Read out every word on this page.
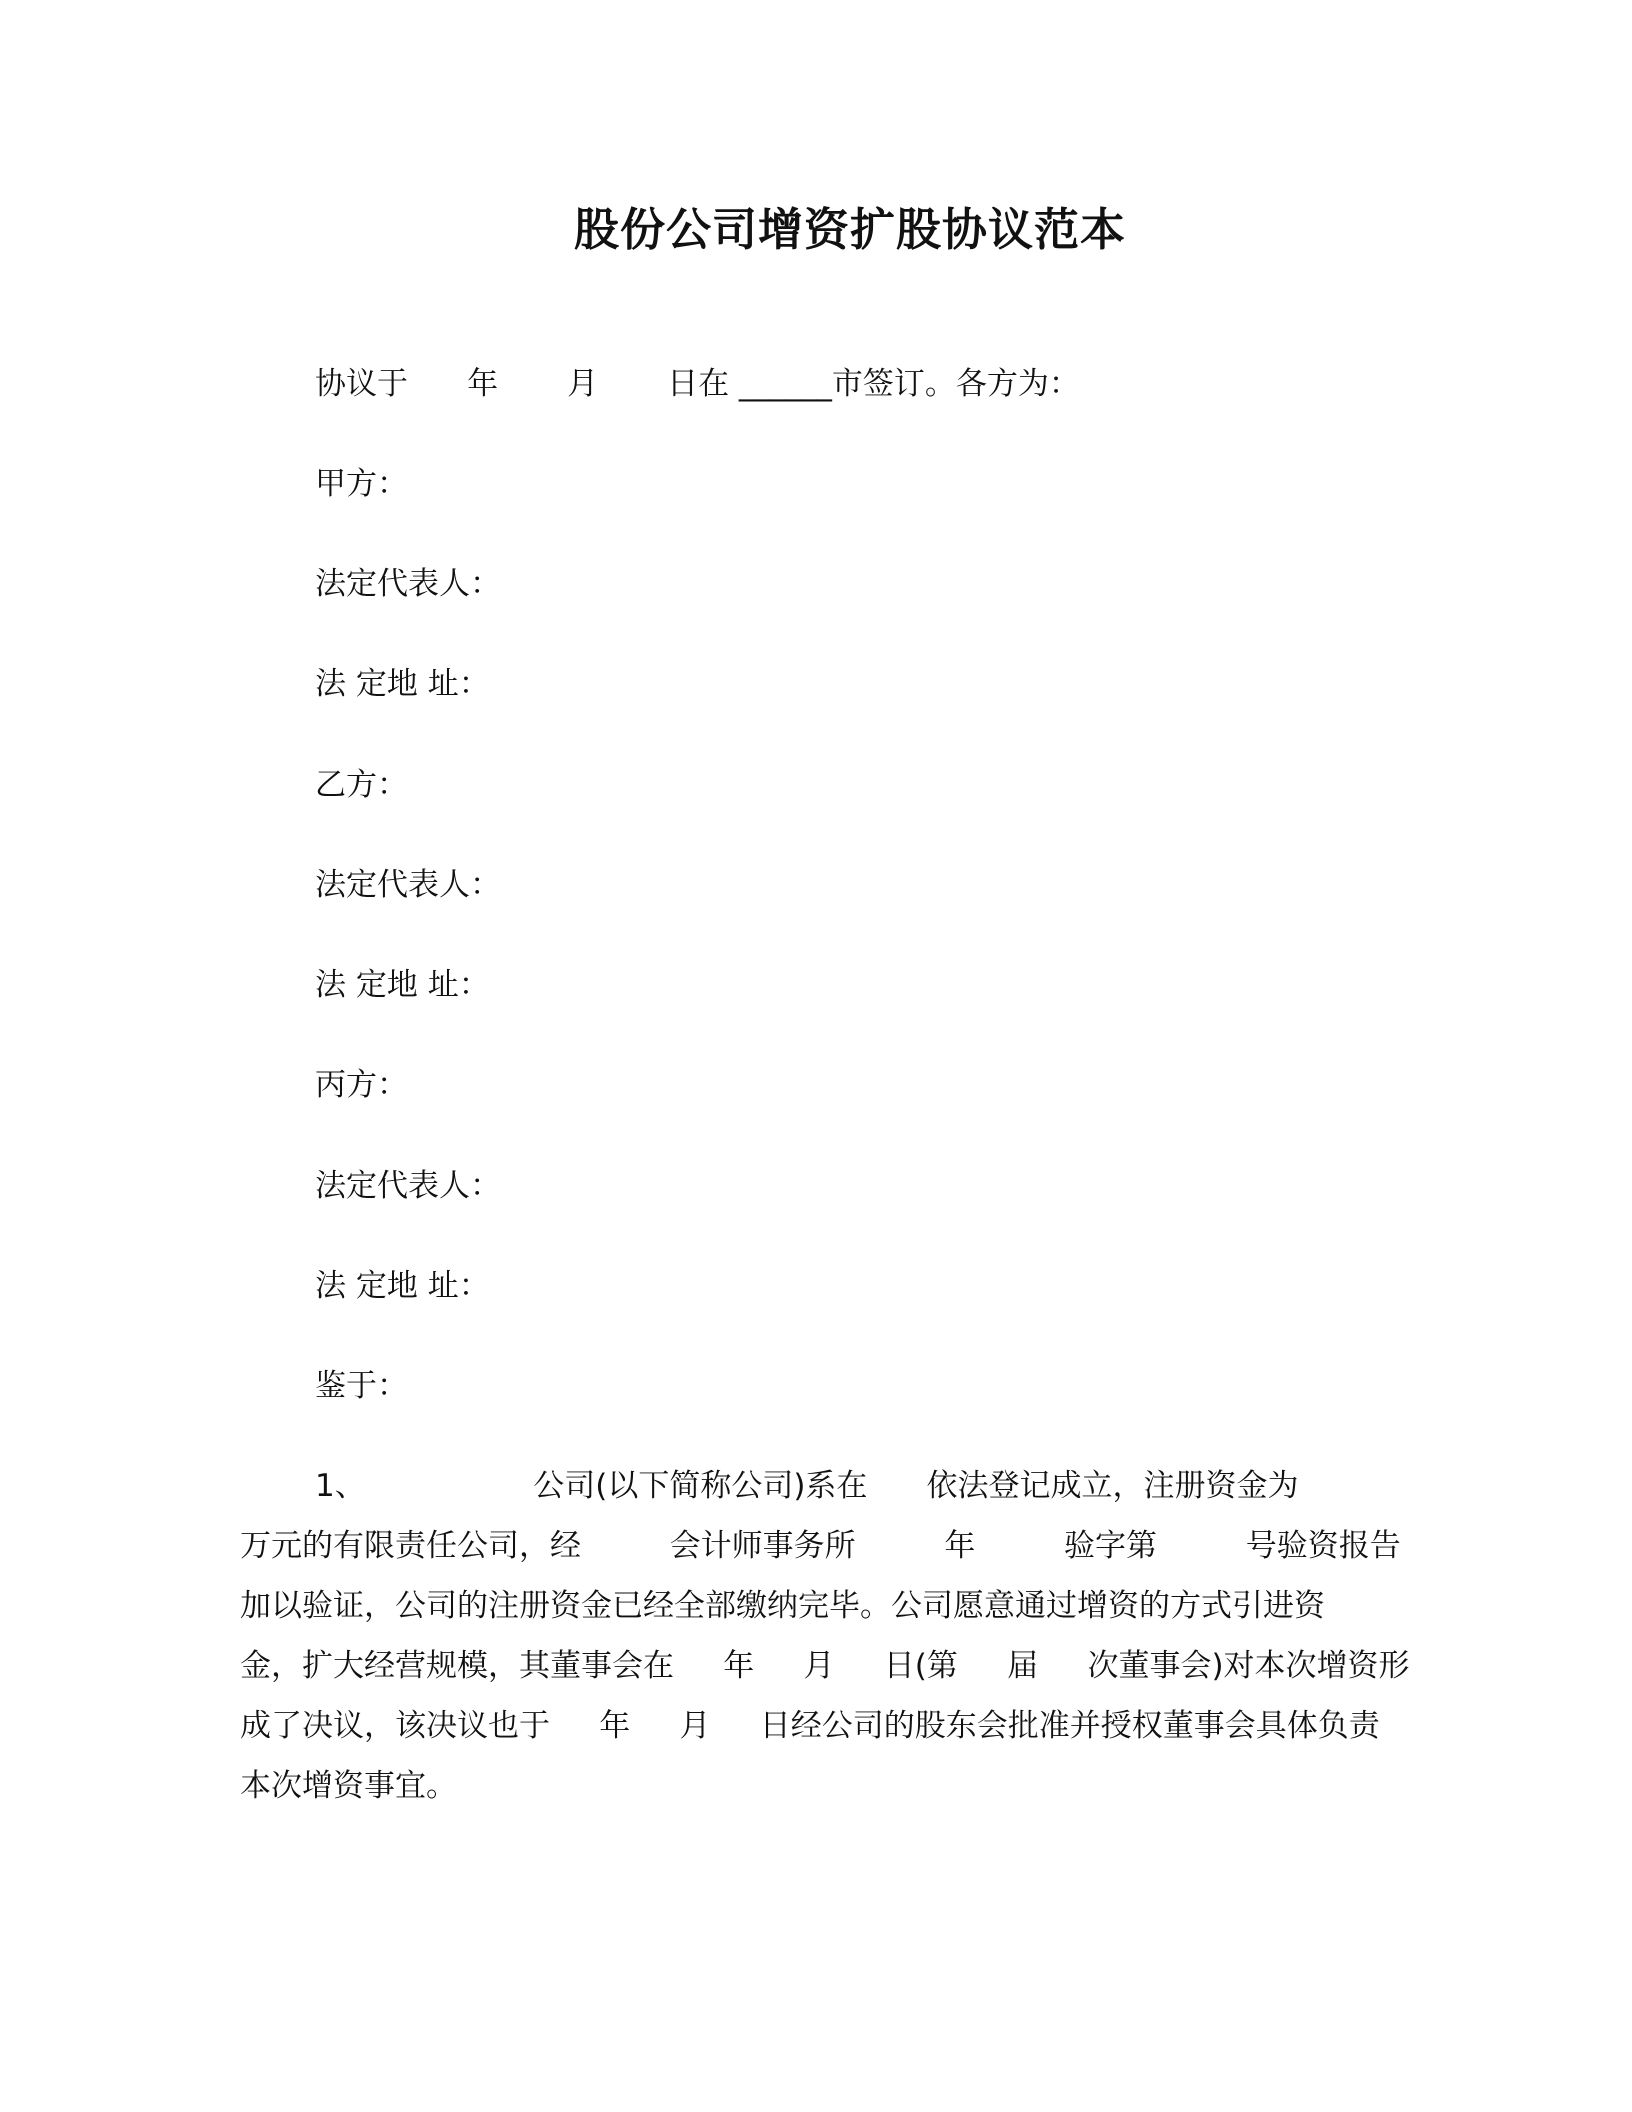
股份公司增资扩股协议范本

协议于      年       月       日在 ______市签订。各方为：

甲方：

法定代表人：

法 定地 址：

乙方：

法定代表人：

法 定地 址：

丙方：

法定代表人：

法 定地 址：

鉴于：

1、                 公司(以下简称公司)系在      依法登记成立，注册资金为

万元的有限责任公司，经         会计师事务所         年         验字第         号验资报告

加以验证，公司的注册资金已经全部缴纳完毕。公司愿意通过增资的方式引进资

金，扩大经营规模，其董事会在     年     月     日(第     届     次董事会)对本次增资形

成了决议，该决议也于     年     月     日经公司的股东会批准并授权董事会具体负责

本次增资事宜。
